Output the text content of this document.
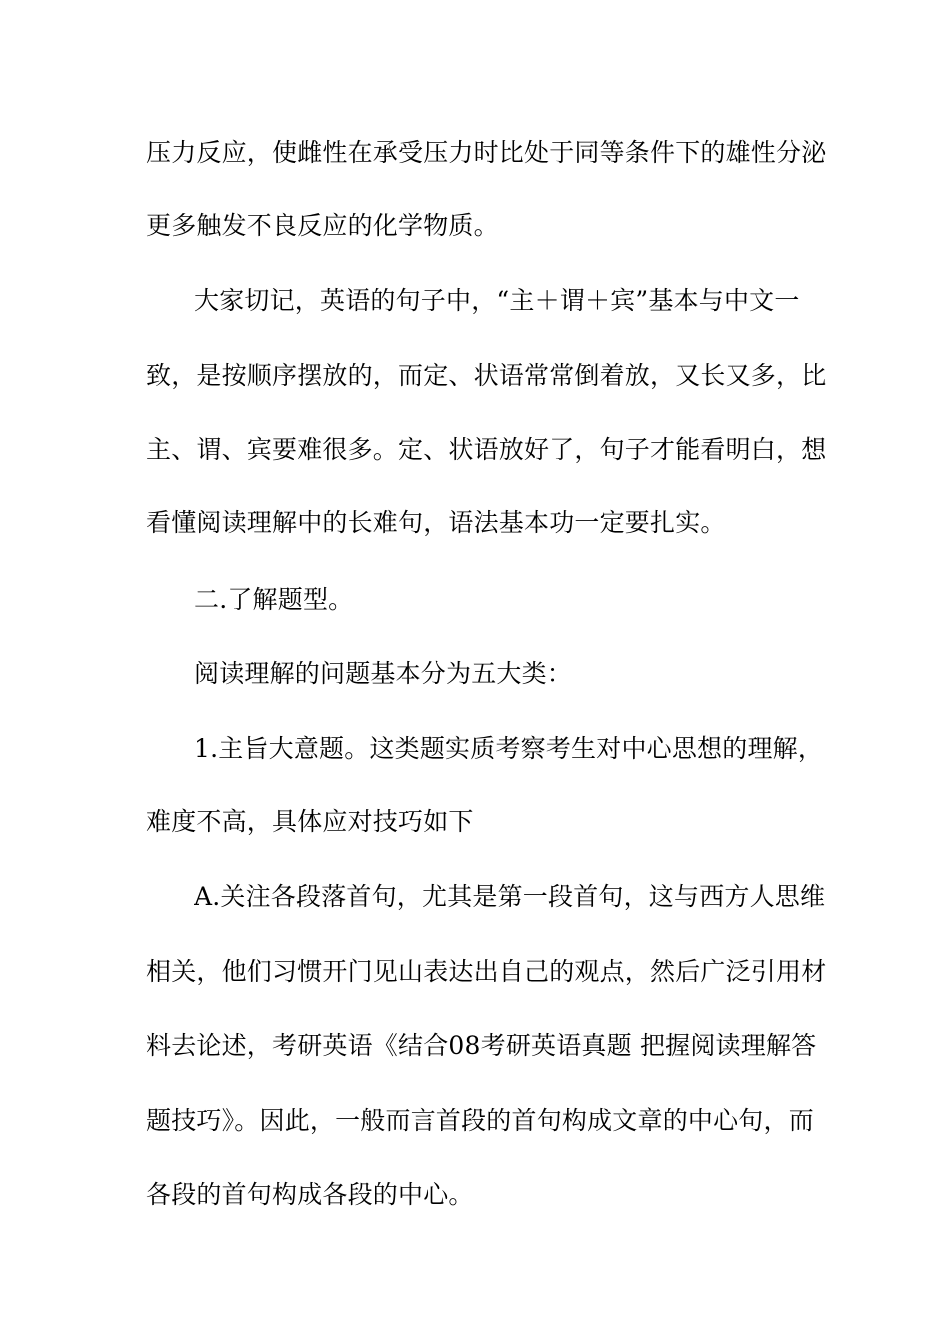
压力反应，使雌性在承受压力时比处于同等条件下的雄性分泌
更多触发不良反应的化学物质。
大家切记，英语的句子中，“主＋谓＋宾”基本与中文一
致，是按顺序摆放的，而定、状语常常倒着放，又长又多，比
主、谓、宾要难很多。定、状语放好了，句子才能看明白，想
看懂阅读理解中的长难句，语法基本功一定要扎实。
二.了解题型。
阅读理解的问题基本分为五大类：
1.主旨大意题。这类题实质考察考生对中心思想的理解，
难度不高，具体应对技巧如下
A.关注各段落首句，尤其是第一段首句，这与西方人思维
相关，他们习惯开门见山表达出自己的观点，然后广泛引用材
料去论述，考研英语《结合08考研英语真题 把握阅读理解答
题技巧》。因此，一般而言首段的首句构成文章的中心句，而
各段的首句构成各段的中心。
